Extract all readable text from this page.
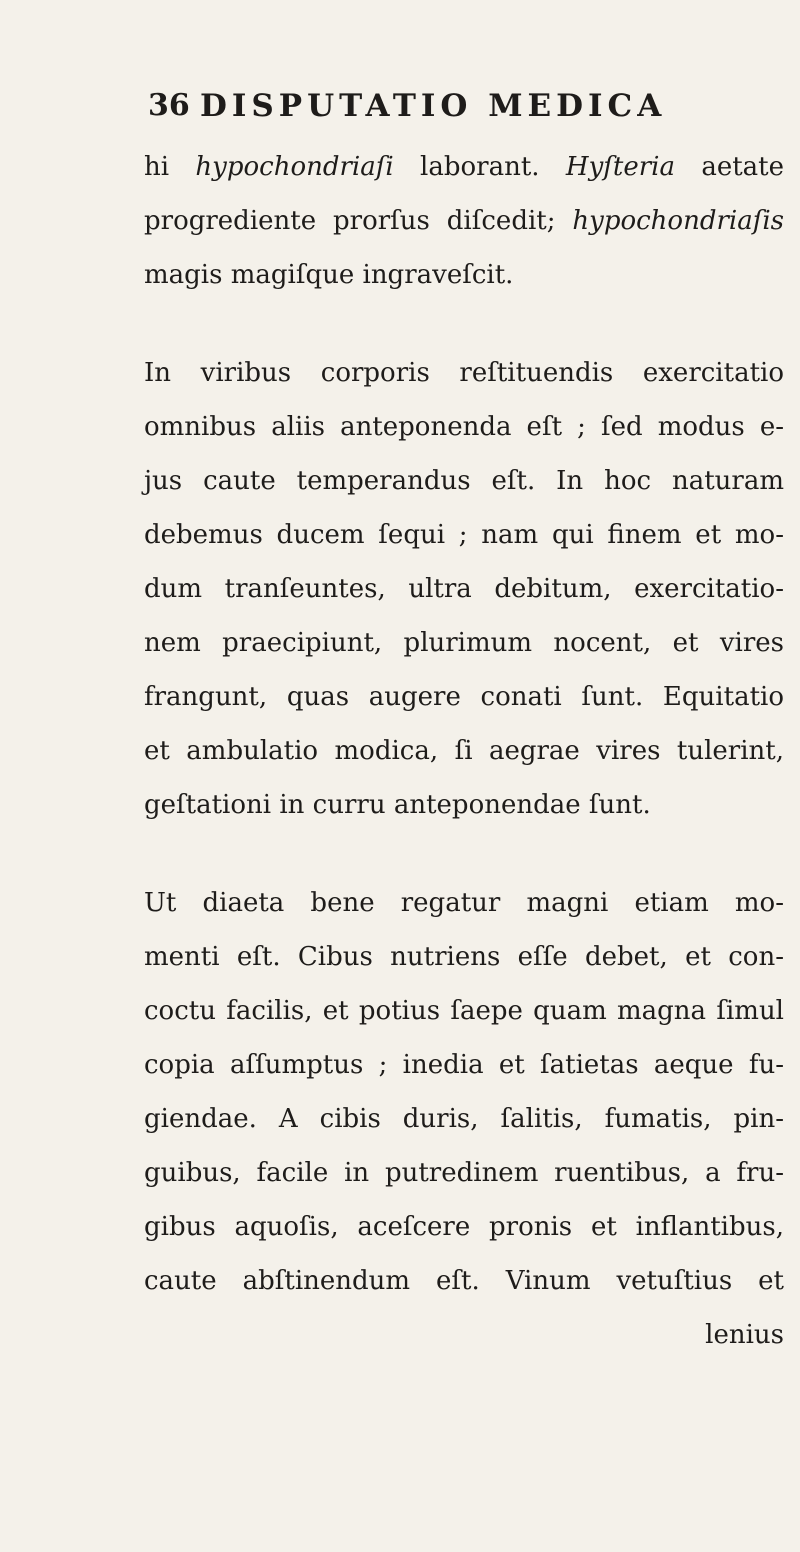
36 DISPUTATIO MEDICA
hi hypochondriaſi laborant. Hyſteria aetate
progrediente prorſus diſcedit; hypochondriaſis
magis magiſque ingraveſcit.
In viribus corporis reſtituendis exercitatio
omnibus aliis anteponenda eſt ; ſed modus e-
jus caute temperandus eſt. In hoc naturam
debemus ducem ſequi ; nam qui finem et mo-
dum tranſeuntes, ultra debitum, exercitatio-
nem praecipiunt, plurimum nocent, et vires
frangunt, quas augere conati ſunt. Equitatio
et ambulatio modica, ſi aegrae vires tulerint,
geſtationi in curru anteponendae ſunt.
Ut diaeta bene regatur magni etiam mo-
menti eſt. Cibus nutriens eſſe debet, et con-
coctu facilis, et potius ſaepe quam magna ſimul
copia aſſumptus ; inedia et ſatietas aeque fu-
giendae. A cibis duris, ſalitis, fumatis, pin-
guibus, facile in putredinem ruentibus, a fru-
gibus aquoſis, aceſcere pronis et inflantibus,
caute abſtinendum eſt. Vinum vetuſtius et
lenius
